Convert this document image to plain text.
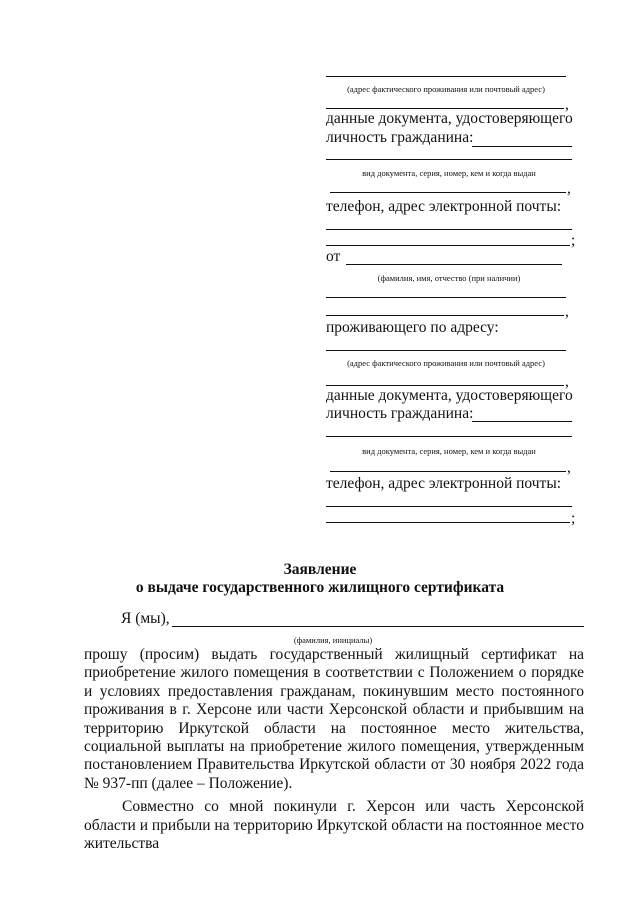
(адрес фактического проживания или почтовый адрес)
,
данные документа, удостоверяющего
личность гражданина:
вид документа, серия, номер, кем и когда выдан
,
телефон, адрес электронной почты:
;
от
(фамилия, имя, отчество (при наличии)
,
проживающего по адресу:
(адрес фактического проживания или почтовый адрес)
,
данные документа, удостоверяющего
личность гражданина:
вид документа, серия, номер, кем и когда выдан
,
телефон, адрес электронной почты:
;
Заявление
о выдаче государственного жилищного сертификата
Я (мы),
(фамилия, инициалы)

прошу (просим) выдать государственный жилищный сертификат на приобретение жилого помещения в соответствии с Положением о порядке и условиях предоставления гражданам, покинувшим место постоянного проживания в г. Херсоне или части Херсонской области и прибывшим на территорию Иркутской области на постоянное место жительства, социальной выплаты на приобретение жилого помещения, утвержденным постановлением Правительства Иркутской области от 30 ноября 2022 года № 937-пп (далее – Положение).

Совместно со мной покинули г. Херсон или часть Херсонской области и прибыли на территорию Иркутской области на постоянное место жительства
